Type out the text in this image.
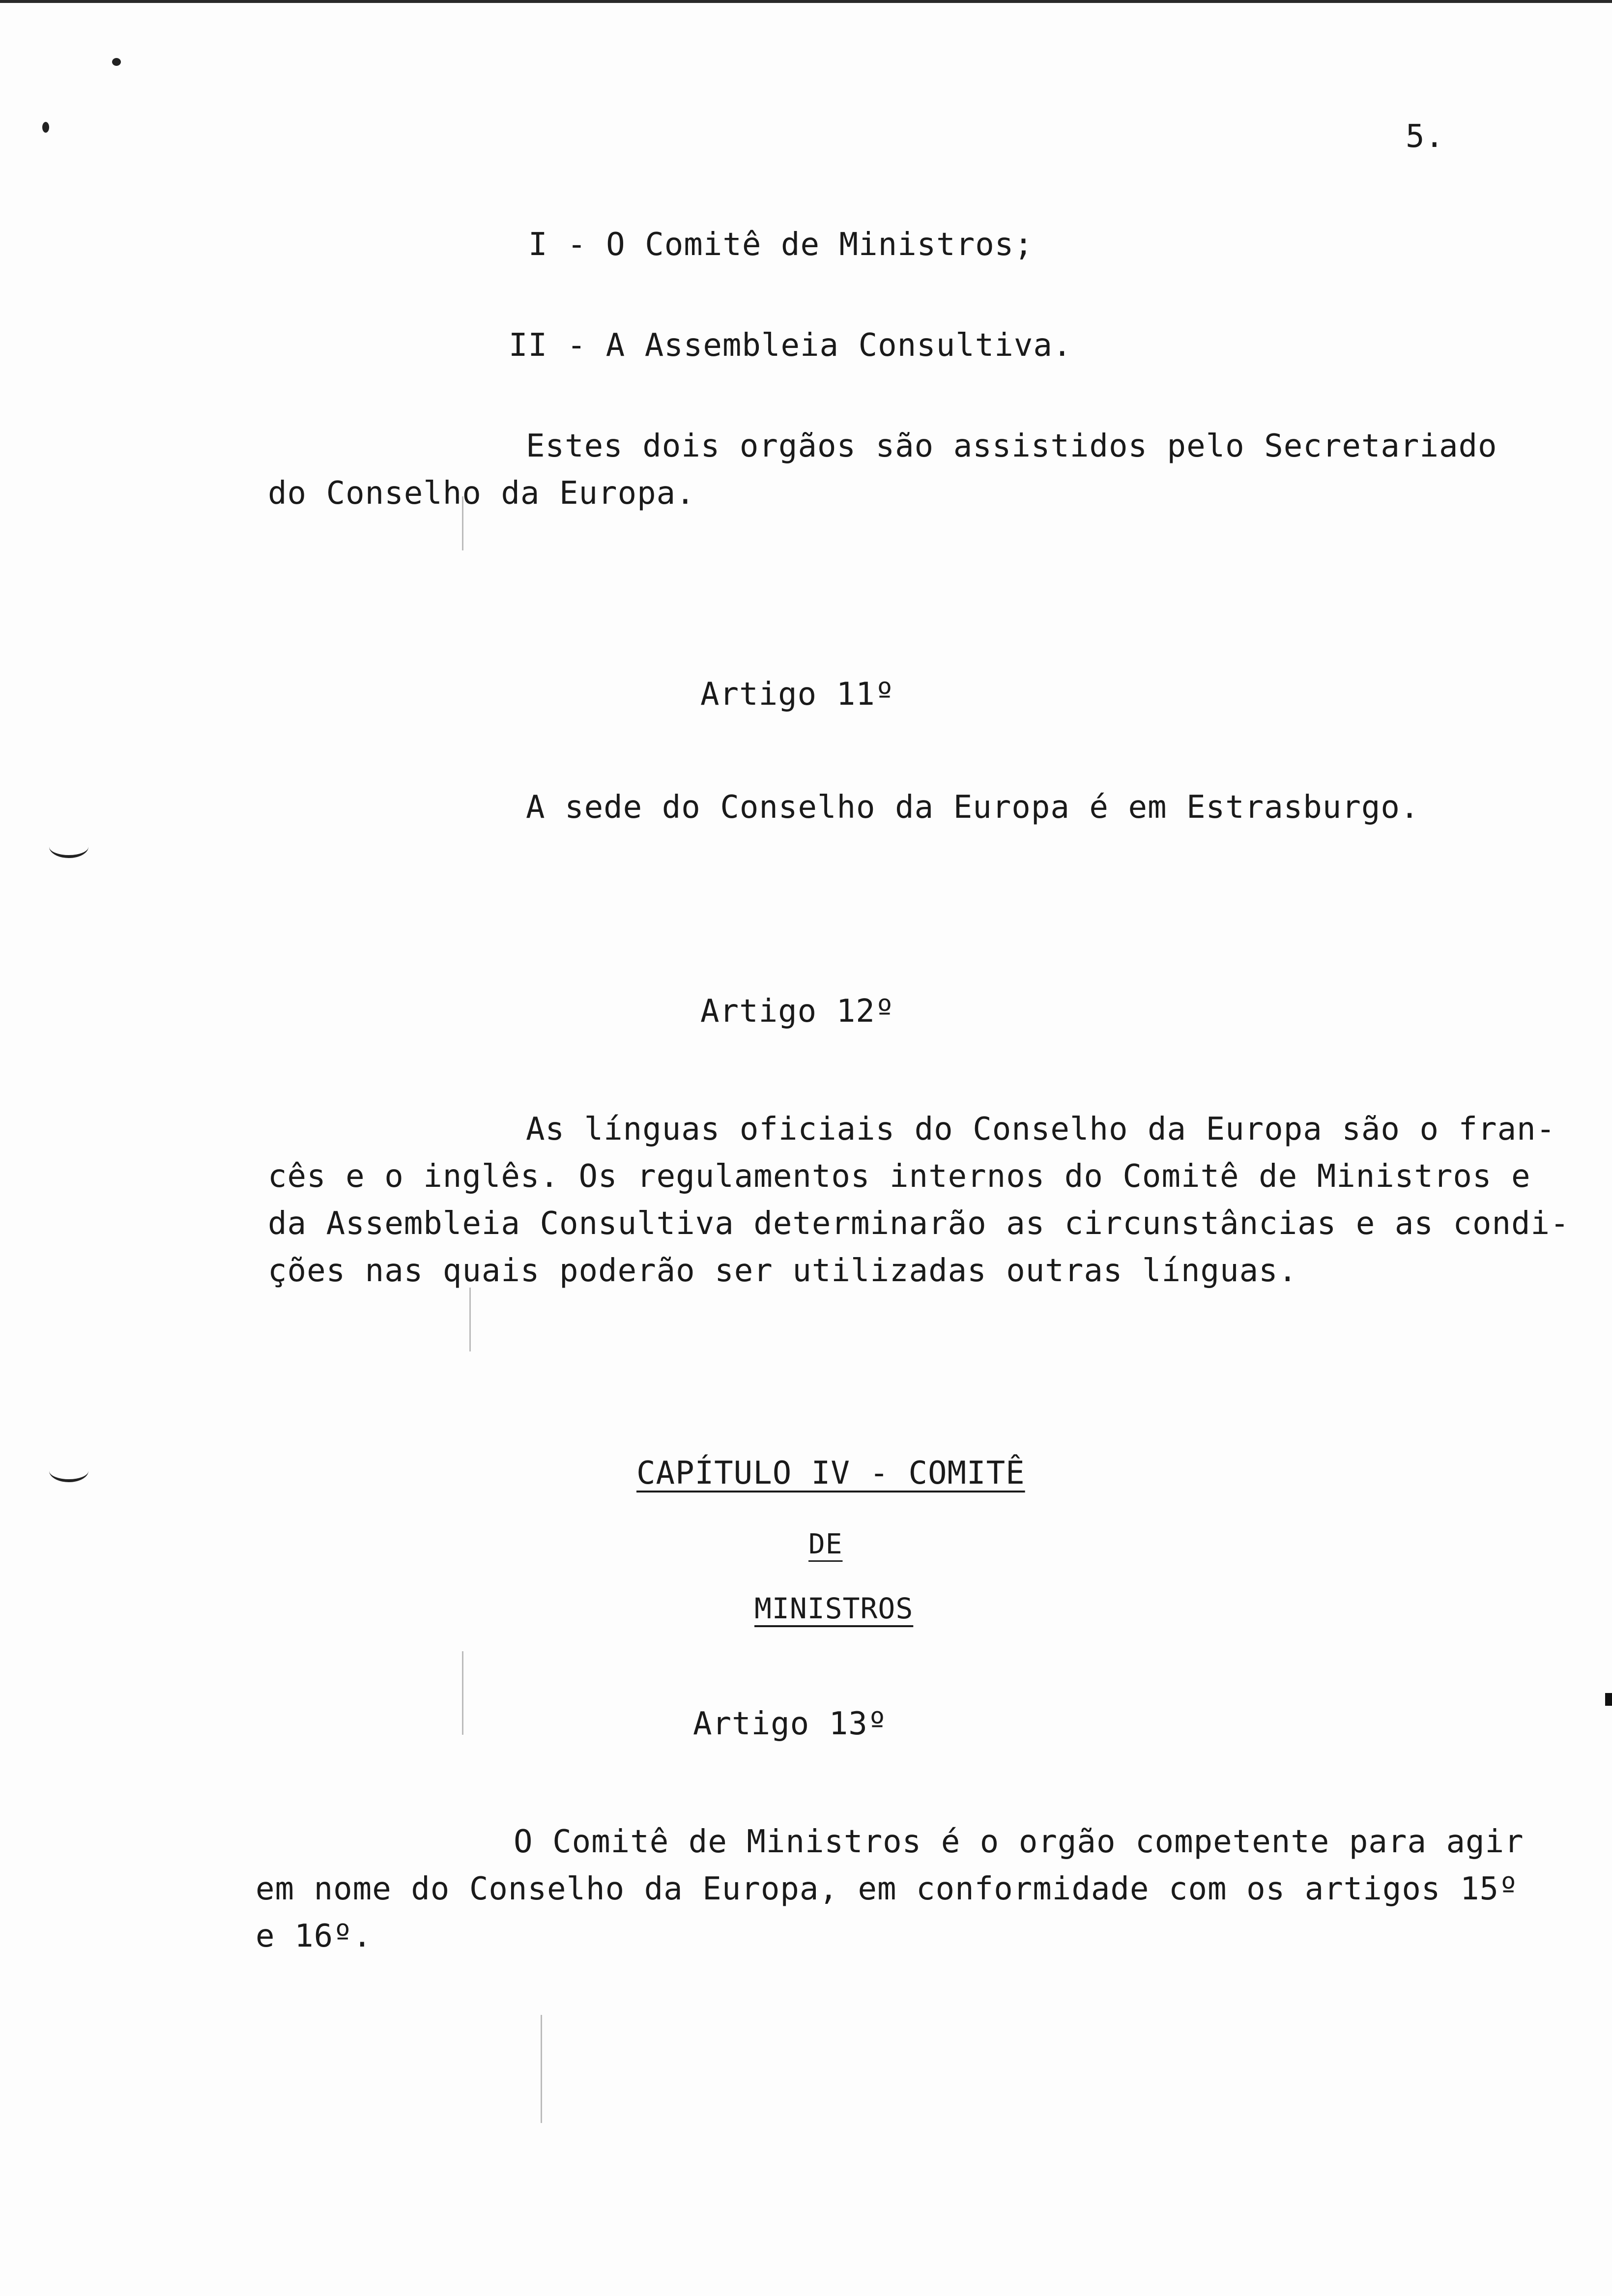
5.
I - O Comitê de Ministros;
II - A Assembleia Consultiva.

Estes dois orgãos são assistidos pelo Secretariado

do Conselho da Europa.

Artigo 11º

A sede do Conselho da Europa é em Estrasburgo.

Artigo 12º

As línguas oficiais do Conselho da Europa são o fran-

cês e o inglês. Os regulamentos internos do Comitê de Ministros e

da Assembleia Consultiva determinarão as circunstâncias e as condi-

ções nas quais poderão ser utilizadas outras línguas.

CAPÍTULO IV - COMITÊ
DE
MINISTROS
Artigo 13º

O Comitê de Ministros é o orgão competente para agir

em nome do Conselho da Europa, em conformidade com os artigos 15º

e 16º.
